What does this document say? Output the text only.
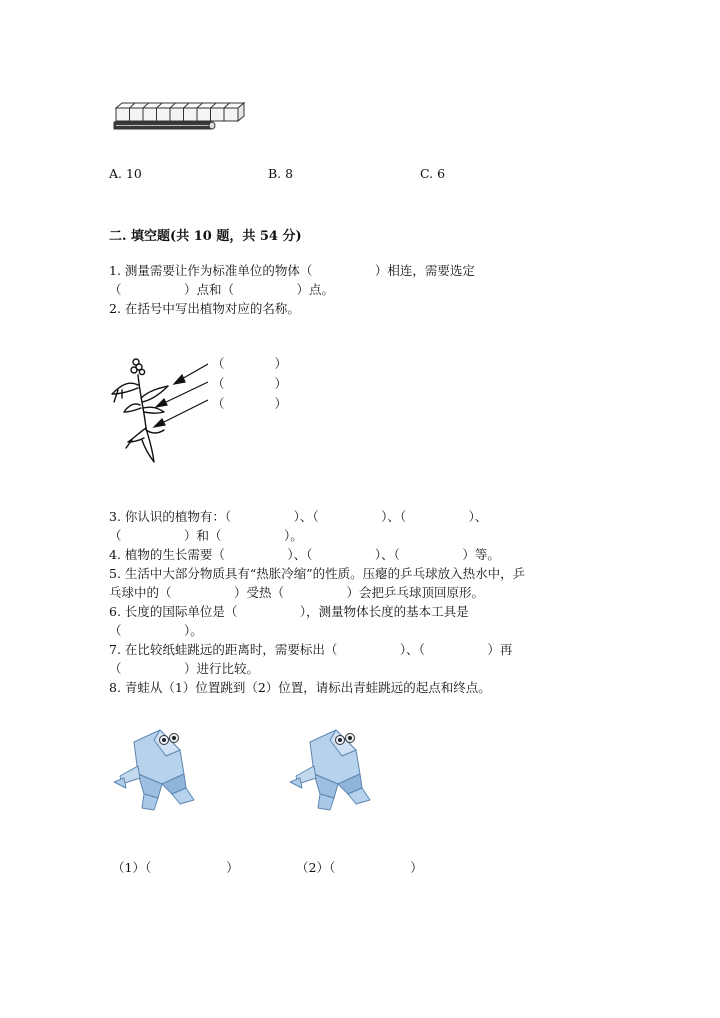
A. 10	B. 8	C. 6
二. 填空题(共 10 题，共 54 分)
1. 测量需要让作为标准单位的物体（　　　　　）相连，需要选定
（　　　　　）点和（　　　　　）点。
2. 在括号中写出植物对应的名称。
（　　　　）
（　　　　）
（　　　　）
3. 你认识的植物有：（　　　　　）、（　　　　　）、（　　　　　）、
（　　　　　）和（　　　　　）。
4. 植物的生长需要（　　　　　）、（　　　　　）、（　　　　　）等。
5. 生活中大部分物质具有“热胀冷缩”的性质。压瘪的乒乓球放入热水中，乒
乓球中的（　　　　　）受热（　　　　　）会把乒乓球顶回原形。
6. 长度的国际单位是（　　　　　），测量物体长度的基本工具是
（　　　　　）。
7. 在比较纸蛙跳远的距离时，需要标出（　　　　　）、（　　　　　）再
（　　　　　）进行比较。
8. 青蛙从（1）位置跳到（2）位置，请标出青蛙跳远的起点和终点。
（1）（　　　　　　）	（2）（　　　　　　）
